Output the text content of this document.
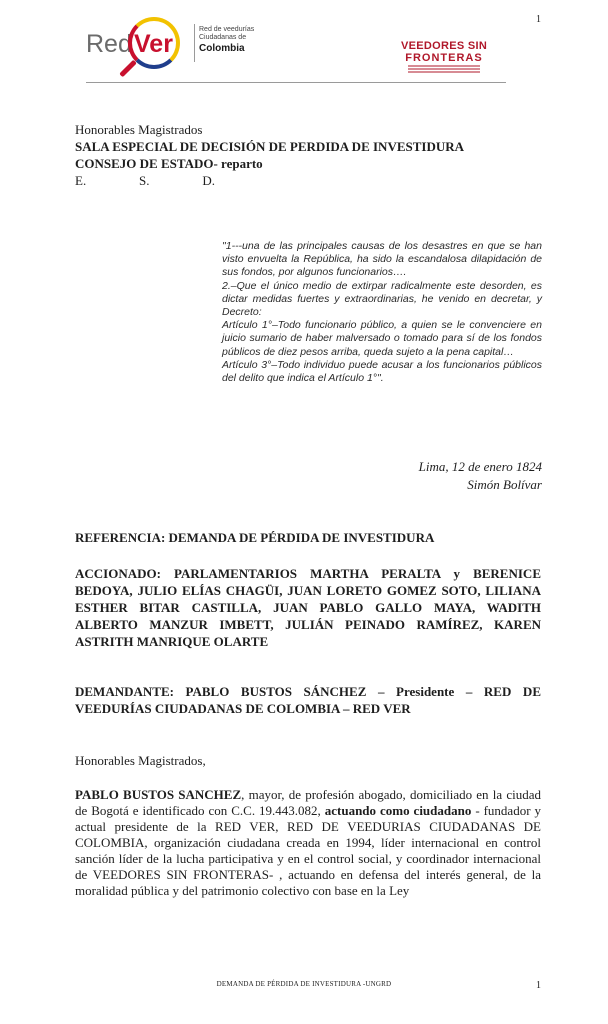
1
Red Ver
Red de veedurías Ciudadanas de
Colombia	VEEDORES SIN
FRONTERAS
Honorables Magistrados
SALA ESPECIAL DE DECISIÓN DE PERDIDA DE INVESTIDURA
CONSEJO DE ESTADO- reparto
E.	S.	D.

"1---una de las principales causas de los desastres en que se han visto envuelta la República, ha sido la escandalosa dilapidación de sus fondos, por algunos funcionarios….

2.–Que el único medio de extirpar radicalmente este desorden, es dictar medidas fuertes y extraordinarias, he venido en decretar, y Decreto:

Artículo 1°–Todo funcionario público, a quien se le convenciere en juicio sumario de haber malversado o tomado para sí de los fondos públicos de diez pesos arriba, queda sujeto a la pena capital…

Artículo 3°–Todo individuo puede acusar a los funcionarios públicos del delito que indica el Artículo 1°".

Lima, 12 de enero 1824
Simón Bolívar
REFERENCIA: DEMANDA DE PÉRDIDA DE INVESTIDURA
ACCIONADO: PARLAMENTARIOS MARTHA PERALTA y BERENICE
BEDOYA, JULIO ELÍAS CHAGÜI, JUAN LORETO GOMEZ SOTO, LILIANA
ESTHER BITAR CASTILLA, JUAN PABLO GALLO MAYA, WADITH
ALBERTO MANZUR IMBETT, JULIÁN PEINADO RAMÍREZ, KAREN
ASTRITH MANRIQUE OLARTE
DEMANDANTE: PABLO BUSTOS SÁNCHEZ – Presidente – RED DE
VEEDURÍAS CIUDADANAS DE COLOMBIA – RED VER
Honorables Magistrados,
PABLO BUSTOS SANCHEZ, mayor, de profesión abogado, domiciliado en la ciudad de Bogotá e identificado con C.C. 19.443.082, actuando como ciudadano - fundador y actual presidente de la RED VER, RED DE VEEDURIAS CIUDADANAS DE COLOMBIA, organización ciudadana creada en 1994, líder internacional en control sanción líder de la lucha participativa y en el control social, y coordinador internacional de VEEDORES SIN FRONTERAS- , actuando en defensa del interés general, de la moralidad pública y del patrimonio colectivo con base en la Ley
DEMANDA DE PÉRDIDA DE INVESTIDURA -UNGRD	1
